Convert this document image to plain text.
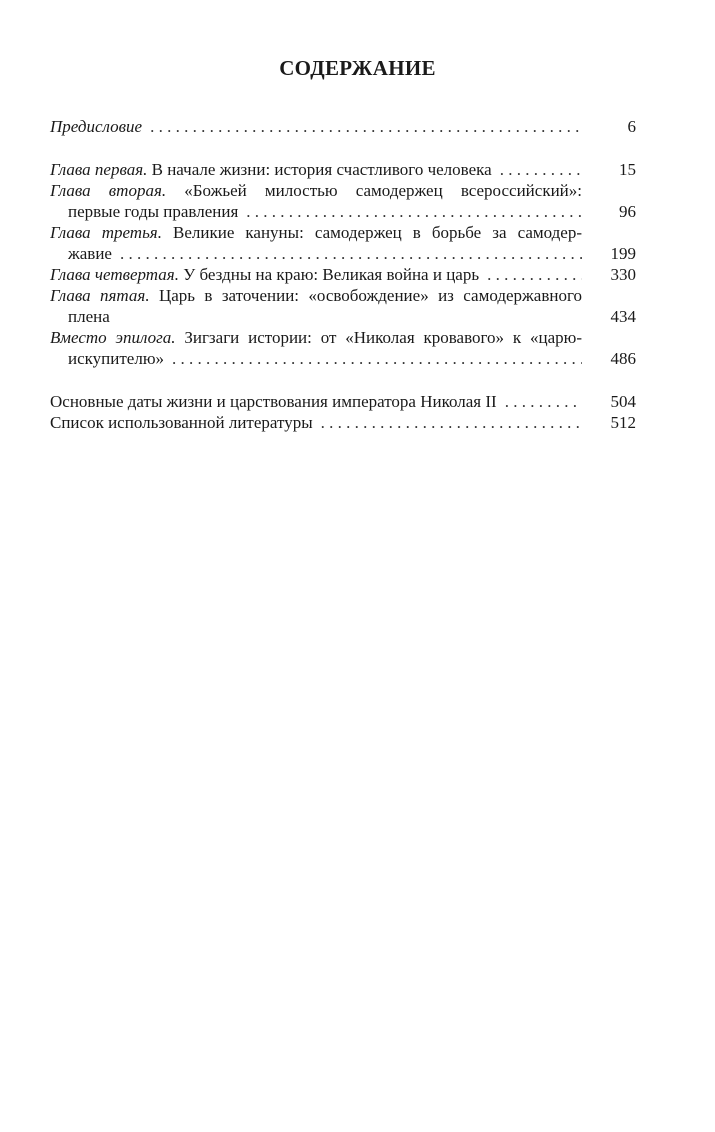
СОДЕРЖАНИЕ
Предисловие . . .	6
Глава первая. В начале жизни: история счастливого человека . . .	15
Глава вторая. «Божьей милостью самодержец всероссийский»:
первые годы правления . . .	96
Глава третья. Великие кануны: самодержец в борьбе за самодер-
жавие . . .	199
Глава четвертая. У бездны на краю: Великая война и царь . . .	330
Глава пятая. Царь в заточении: «освобождение» из самодержавного
плена	434
Вместо эпилога. Зигзаги истории: от «Николая кровавого» к «царю-
искупителю» . . .	486
Основные даты жизни и царствования императора Николая II . . .	504
Список использованной литературы . . .	512
